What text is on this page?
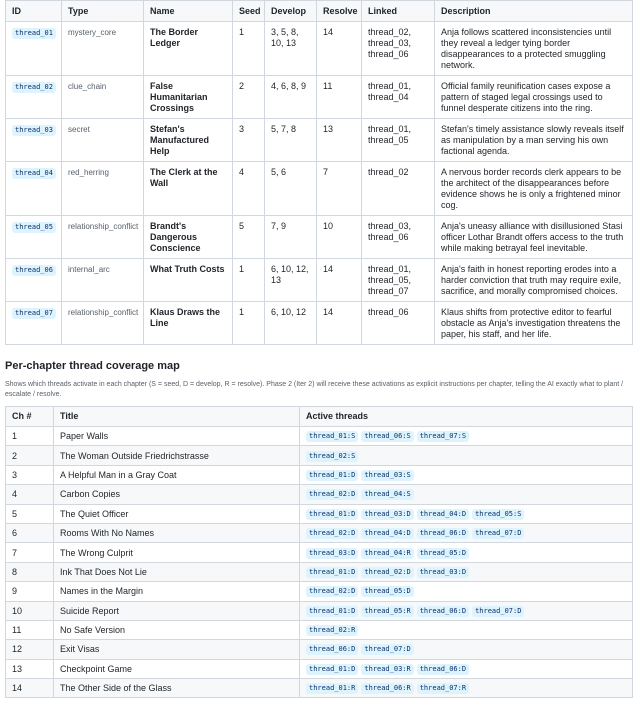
ID	Type	Name	Seed	Develop	Resolve	Linked	Description
thread_01	mystery_core	The Border Ledger	1	3, 5, 8, 10, 13	14	thread_02, thread_03, thread_06	Anja follows scattered inconsistencies until they reveal a ledger tying border disappearances to a protected smuggling network.
thread_02	clue_chain	False Humanitarian Crossings	2	4, 6, 8, 9	11	thread_01, thread_04	Official family reunification cases expose a pattern of staged legal crossings used to funnel desperate citizens into the ring.
thread_03	secret	Stefan's Manufactured Help	3	5, 7, 8	13	thread_01, thread_05	Stefan's timely assistance slowly reveals itself as manipulation by a man serving his own factional agenda.
thread_04	red_herring	The Clerk at the Wall	4	5, 6	7	thread_02	A nervous border records clerk appears to be the architect of the disappearances before evidence shows he is only a frightened minor cog.
thread_05	relationship_conflict	Brandt's Dangerous Conscience	5	7, 9	10	thread_03, thread_06	Anja's uneasy alliance with disillusioned Stasi officer Lothar Brandt offers access to the truth while making betrayal feel inevitable.
thread_06	internal_arc	What Truth Costs	1	6, 10, 12, 13	14	thread_01, thread_05, thread_07	Anja's faith in honest reporting erodes into a harder conviction that truth may require exile, sacrifice, and morally compromised choices.
thread_07	relationship_conflict	Klaus Draws the Line	1	6, 10, 12	14	thread_06	Klaus shifts from protective editor to fearful obstacle as Anja's investigation threatens the paper, his staff, and her life.
Per-chapter thread coverage map
Shows which threads activate in each chapter (S = seed, D = develop, R = resolve). Phase 2 (Iter 2) will receive these activations as explicit instructions per chapter, telling the AI exactly what to plant / escalate / resolve.
Ch #	Title	Active threads
1	Paper Walls	thread_01:S thread_06:S thread_07:S
2	The Woman Outside Friedrichstrasse	thread_02:S
3	A Helpful Man in a Gray Coat	thread_01:D thread_03:S
4	Carbon Copies	thread_02:D thread_04:S
5	The Quiet Officer	thread_01:D thread_03:D thread_04:D thread_05:S
6	Rooms With No Names	thread_02:D thread_04:D thread_06:D thread_07:D
7	The Wrong Culprit	thread_03:D thread_04:R thread_05:D
8	Ink That Does Not Lie	thread_01:D thread_02:D thread_03:D
9	Names in the Margin	thread_02:D thread_05:D
10	Suicide Report	thread_01:D thread_05:R thread_06:D thread_07:D
11	No Safe Version	thread_02:R
12	Exit Visas	thread_06:D thread_07:D
13	Checkpoint Game	thread_01:D thread_03:R thread_06:D
14	The Other Side of the Glass	thread_01:R thread_06:R thread_07:R
